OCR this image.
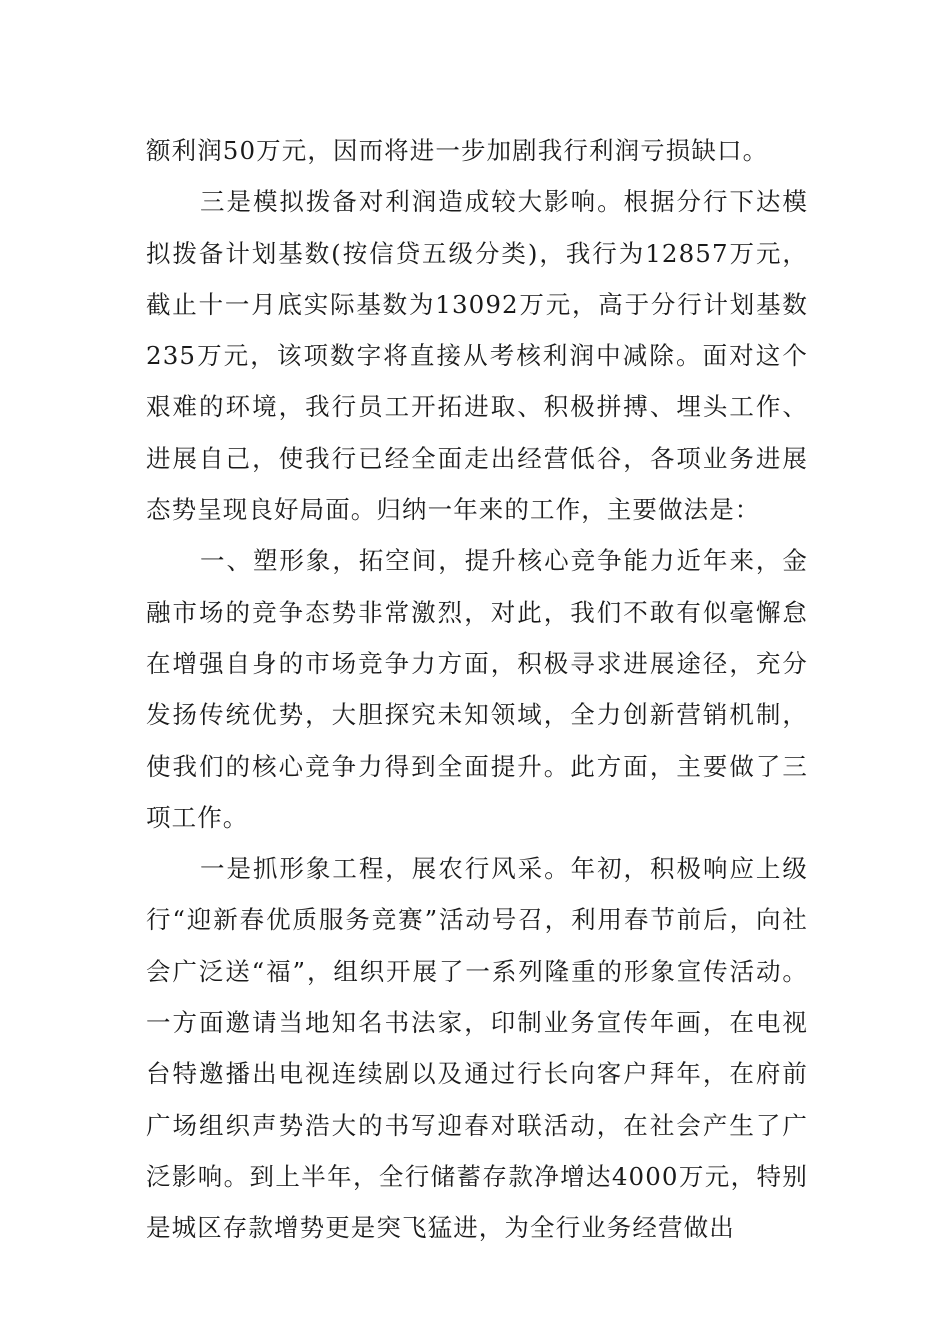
额利润50万元，因而将进一步加剧我行利润亏损缺口。

三是模拟拨备对利润造成较大影响。根据分行下达模拟拨备计划基数(按信贷五级分类)，我行为12857万元，截止十一月底实际基数为13092万元，高于分行计划基数235万元，该项数字将直接从考核利润中减除。面对这个艰难的环境，我行员工开拓进取、积极拼搏、埋头工作、进展自己，使我行已经全面走出经营低谷，各项业务进展态势呈现良好局面。归纳一年来的工作，主要做法是：

一、塑形象，拓空间，提升核心竞争能力近年来，金融市场的竞争态势非常激烈，对此，我们不敢有似毫懈怠在增强自身的市场竞争力方面，积极寻求进展途径，充分发扬传统优势，大胆探究未知领域，全力创新营销机制，使我们的核心竞争力得到全面提升。此方面，主要做了三项工作。

一是抓形象工程，展农行风采。年初，积极响应上级行“迎新春优质服务竞赛”活动号召，利用春节前后，向社会广泛送“福”，组织开展了一系列隆重的形象宣传活动。一方面邀请当地知名书法家，印制业务宣传年画，在电视台特邀播出电视连续剧以及通过行长向客户拜年，在府前广场组织声势浩大的书写迎春对联活动，在社会产生了广泛影响。到上半年，全行储蓄存款净增达4000万元，特别是城区存款增势更是突飞猛进，为全行业务经营做出
